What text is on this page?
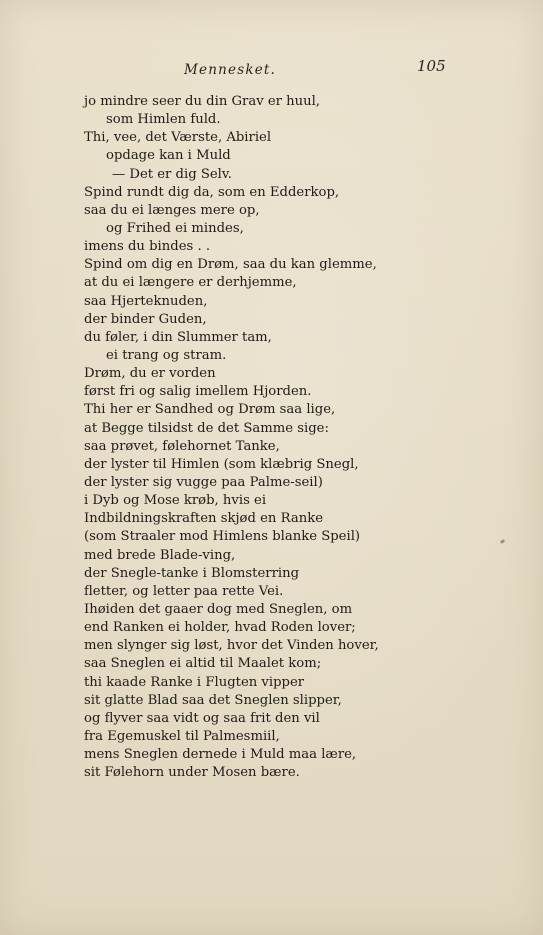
Mennesket.	105
jo mindre seer du din Grav er huul,
som Himlen fuld.
Thi, vee, det Værste, Abiriel
opdage kan i Muld
— Det er dig Selv.
Spind rundt dig da, som en Edderkop,
saa du ei længes mere op,
og Frihed ei mindes,
imens du bindes . .
Spind om dig en Drøm, saa du kan glemme,
at du ei længere er derhjemme,
saa Hjerteknuden,
der binder Guden,
du føler, i din Slummer tam,
ei trang og stram.
Drøm, du er vorden
først fri og salig imellem Hjorden.
Thi her er Sandhed og Drøm saa lige,
at Begge tilsidst de det Samme sige:
saa prøvet, følehornet Tanke,
der lyster til Himlen (som klæbrig Snegl,
der lyster sig vugge paa Palme-seil)
i Dyb og Mose krøb, hvis ei
Indbildningskraften skjød en Ranke
(som Straaler mod Himlens blanke Speil)
med brede Blade-ving,
der Snegle-tanke i Blomsterring
fletter, og letter paa rette Vei.
Ihøiden det gaaer dog med Sneglen, om
end Ranken ei holder, hvad Roden lover;
men slynger sig løst, hvor det Vinden hover,
saa Sneglen ei altid til Maalet kom;
thi kaade Ranke i Flugten vipper
sit glatte Blad saa det Sneglen slipper,
og flyver saa vidt og saa frit den vil
fra Egemuskel til Palmesmiil,
mens Sneglen dernede i Muld maa lære,
sit Følehorn under Mosen bære.
